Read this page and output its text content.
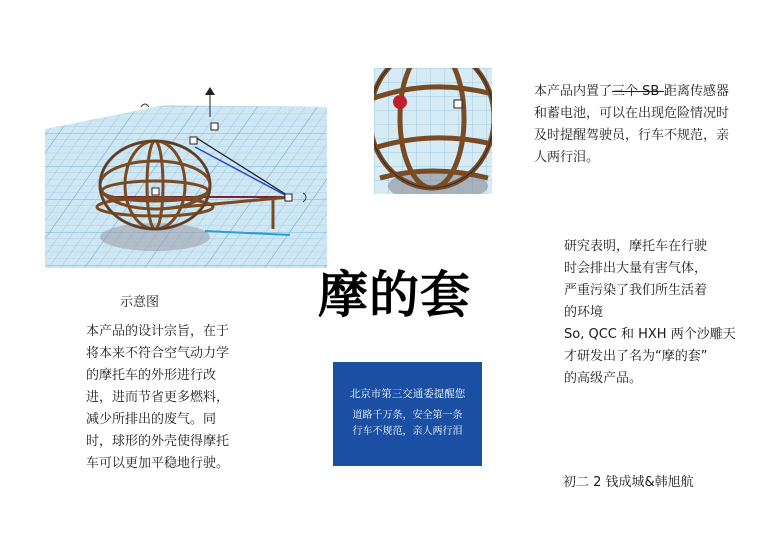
示意图	摩的套
本产品的设计宗旨，在于将本来不符合空气动力学的摩托车的外形进行改进，进而节省更多燃料，减少所排出的废气。同时，球形的外壳使得摩托车可以更加平稳地行驶。
本产品内置了三个 SB-距离传感器和蓄电池，可以在出现危险情况时及时提醒驾驶员，行车不规范，亲人两行泪。
研究表明，摩托车在行驶
时会排出大量有害气体，
严重污染了我们所生活着
的环境
So, QCC 和 HXH 两个沙雕天
才研发出了名为“摩的套”
的高级产品。
北京市第三交通委提醒您
道路千万条，安全第一条
行车不规范，亲人两行泪
初二 2 钱成城&韩旭航
